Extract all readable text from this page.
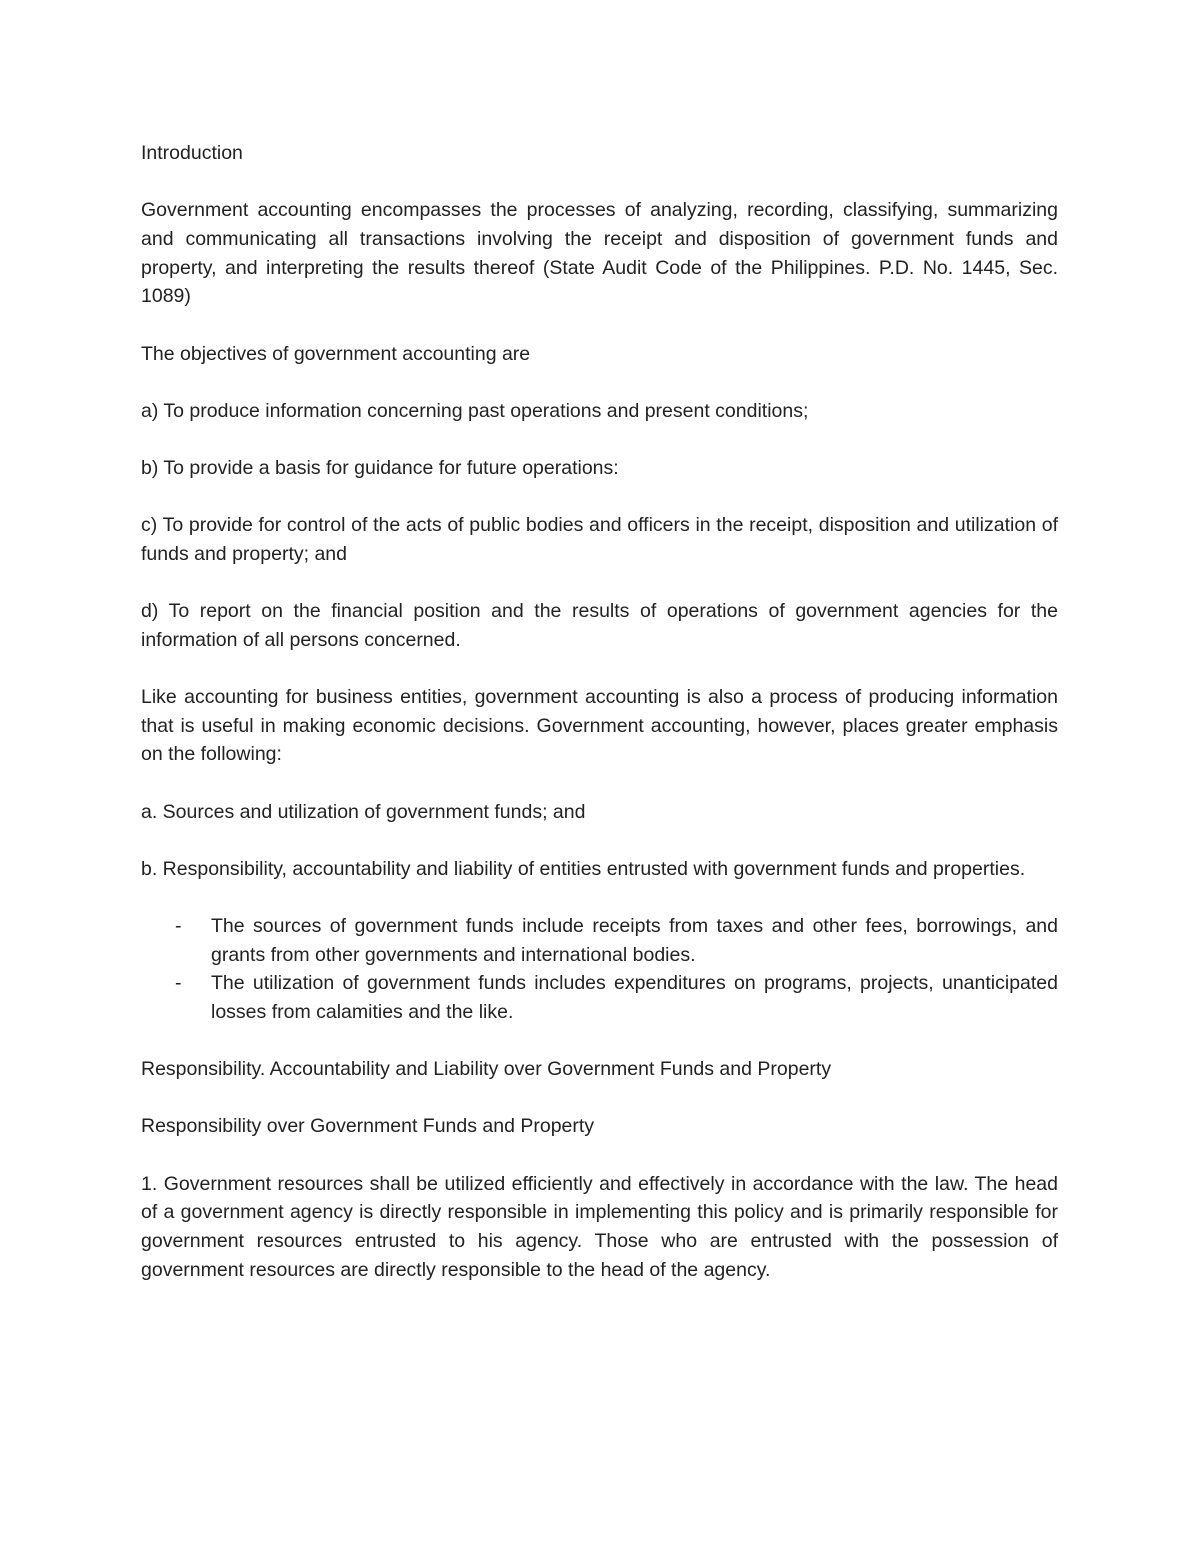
Introduction

Government accounting encompasses the processes of analyzing, recording, classifying, summarizing and communicating all transactions involving the receipt and disposition of government funds and property, and interpreting the results thereof (State Audit Code of the Philippines. P.D. No. 1445, Sec. 1089)

The objectives of government accounting are

a) To produce information concerning past operations and present conditions;

b) To provide a basis for guidance for future operations:

c) To provide for control of the acts of public bodies and officers in the receipt, disposition and utilization of funds and property; and

d) To report on the financial position and the results of operations of government agencies for the information of all persons concerned.

Like accounting for business entities, government accounting is also a process of producing information that is useful in making economic decisions. Government accounting, however, places greater emphasis on the following:

a. Sources and utilization of government funds; and

b. Responsibility, accountability and liability of entities entrusted with government funds and properties.

- The sources of government funds include receipts from taxes and other fees, borrowings, and grants from other governments and international bodies.
- The utilization of government funds includes expenditures on programs, projects, unanticipated losses from calamities and the like.

Responsibility. Accountability and Liability over Government Funds and Property

Responsibility over Government Funds and Property

1. Government resources shall be utilized efficiently and effectively in accordance with the law. The head of a government agency is directly responsible in implementing this policy and is primarily responsible for government resources entrusted to his agency. Those who are entrusted with the possession of government resources are directly responsible to the head of the agency.
